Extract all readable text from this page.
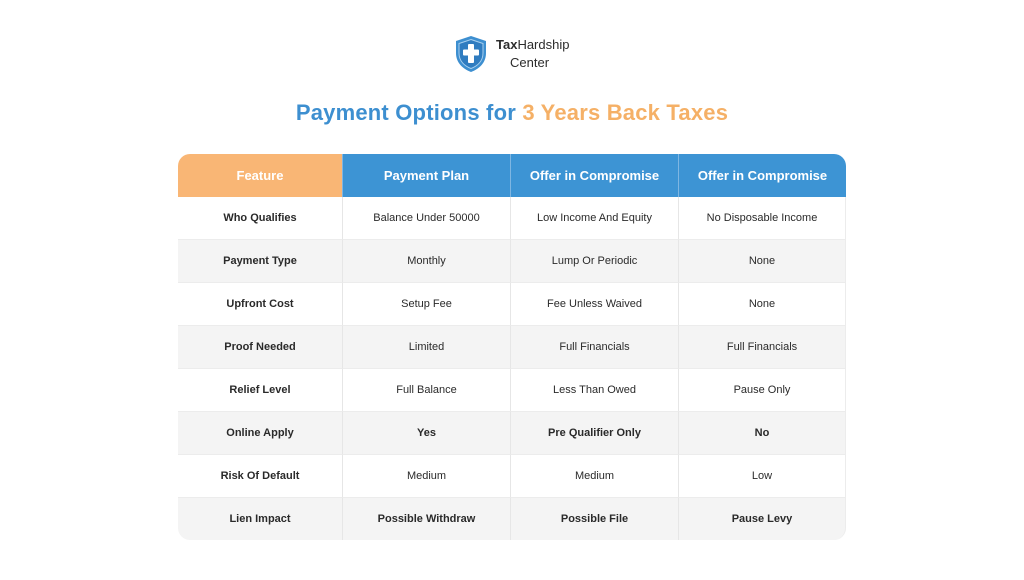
TaxHardship
Center
Payment Options for 3 Years Back Taxes
Feature	Payment Plan	Offer in Compromise	Offer in Compromise
Who Qualifies	Balance Under 50000	Low Income And Equity	No Disposable Income
Payment Type	Monthly	Lump Or Periodic	None
Upfront Cost	Setup Fee	Fee Unless Waived	None
Proof Needed	Limited	Full Financials	Full Financials
Relief Level	Full Balance	Less Than Owed	Pause Only
Online Apply	Yes	Pre Qualifier Only	No
Risk Of Default	Medium	Medium	Low
Lien Impact	Possible Withdraw	Possible File	Pause Levy
